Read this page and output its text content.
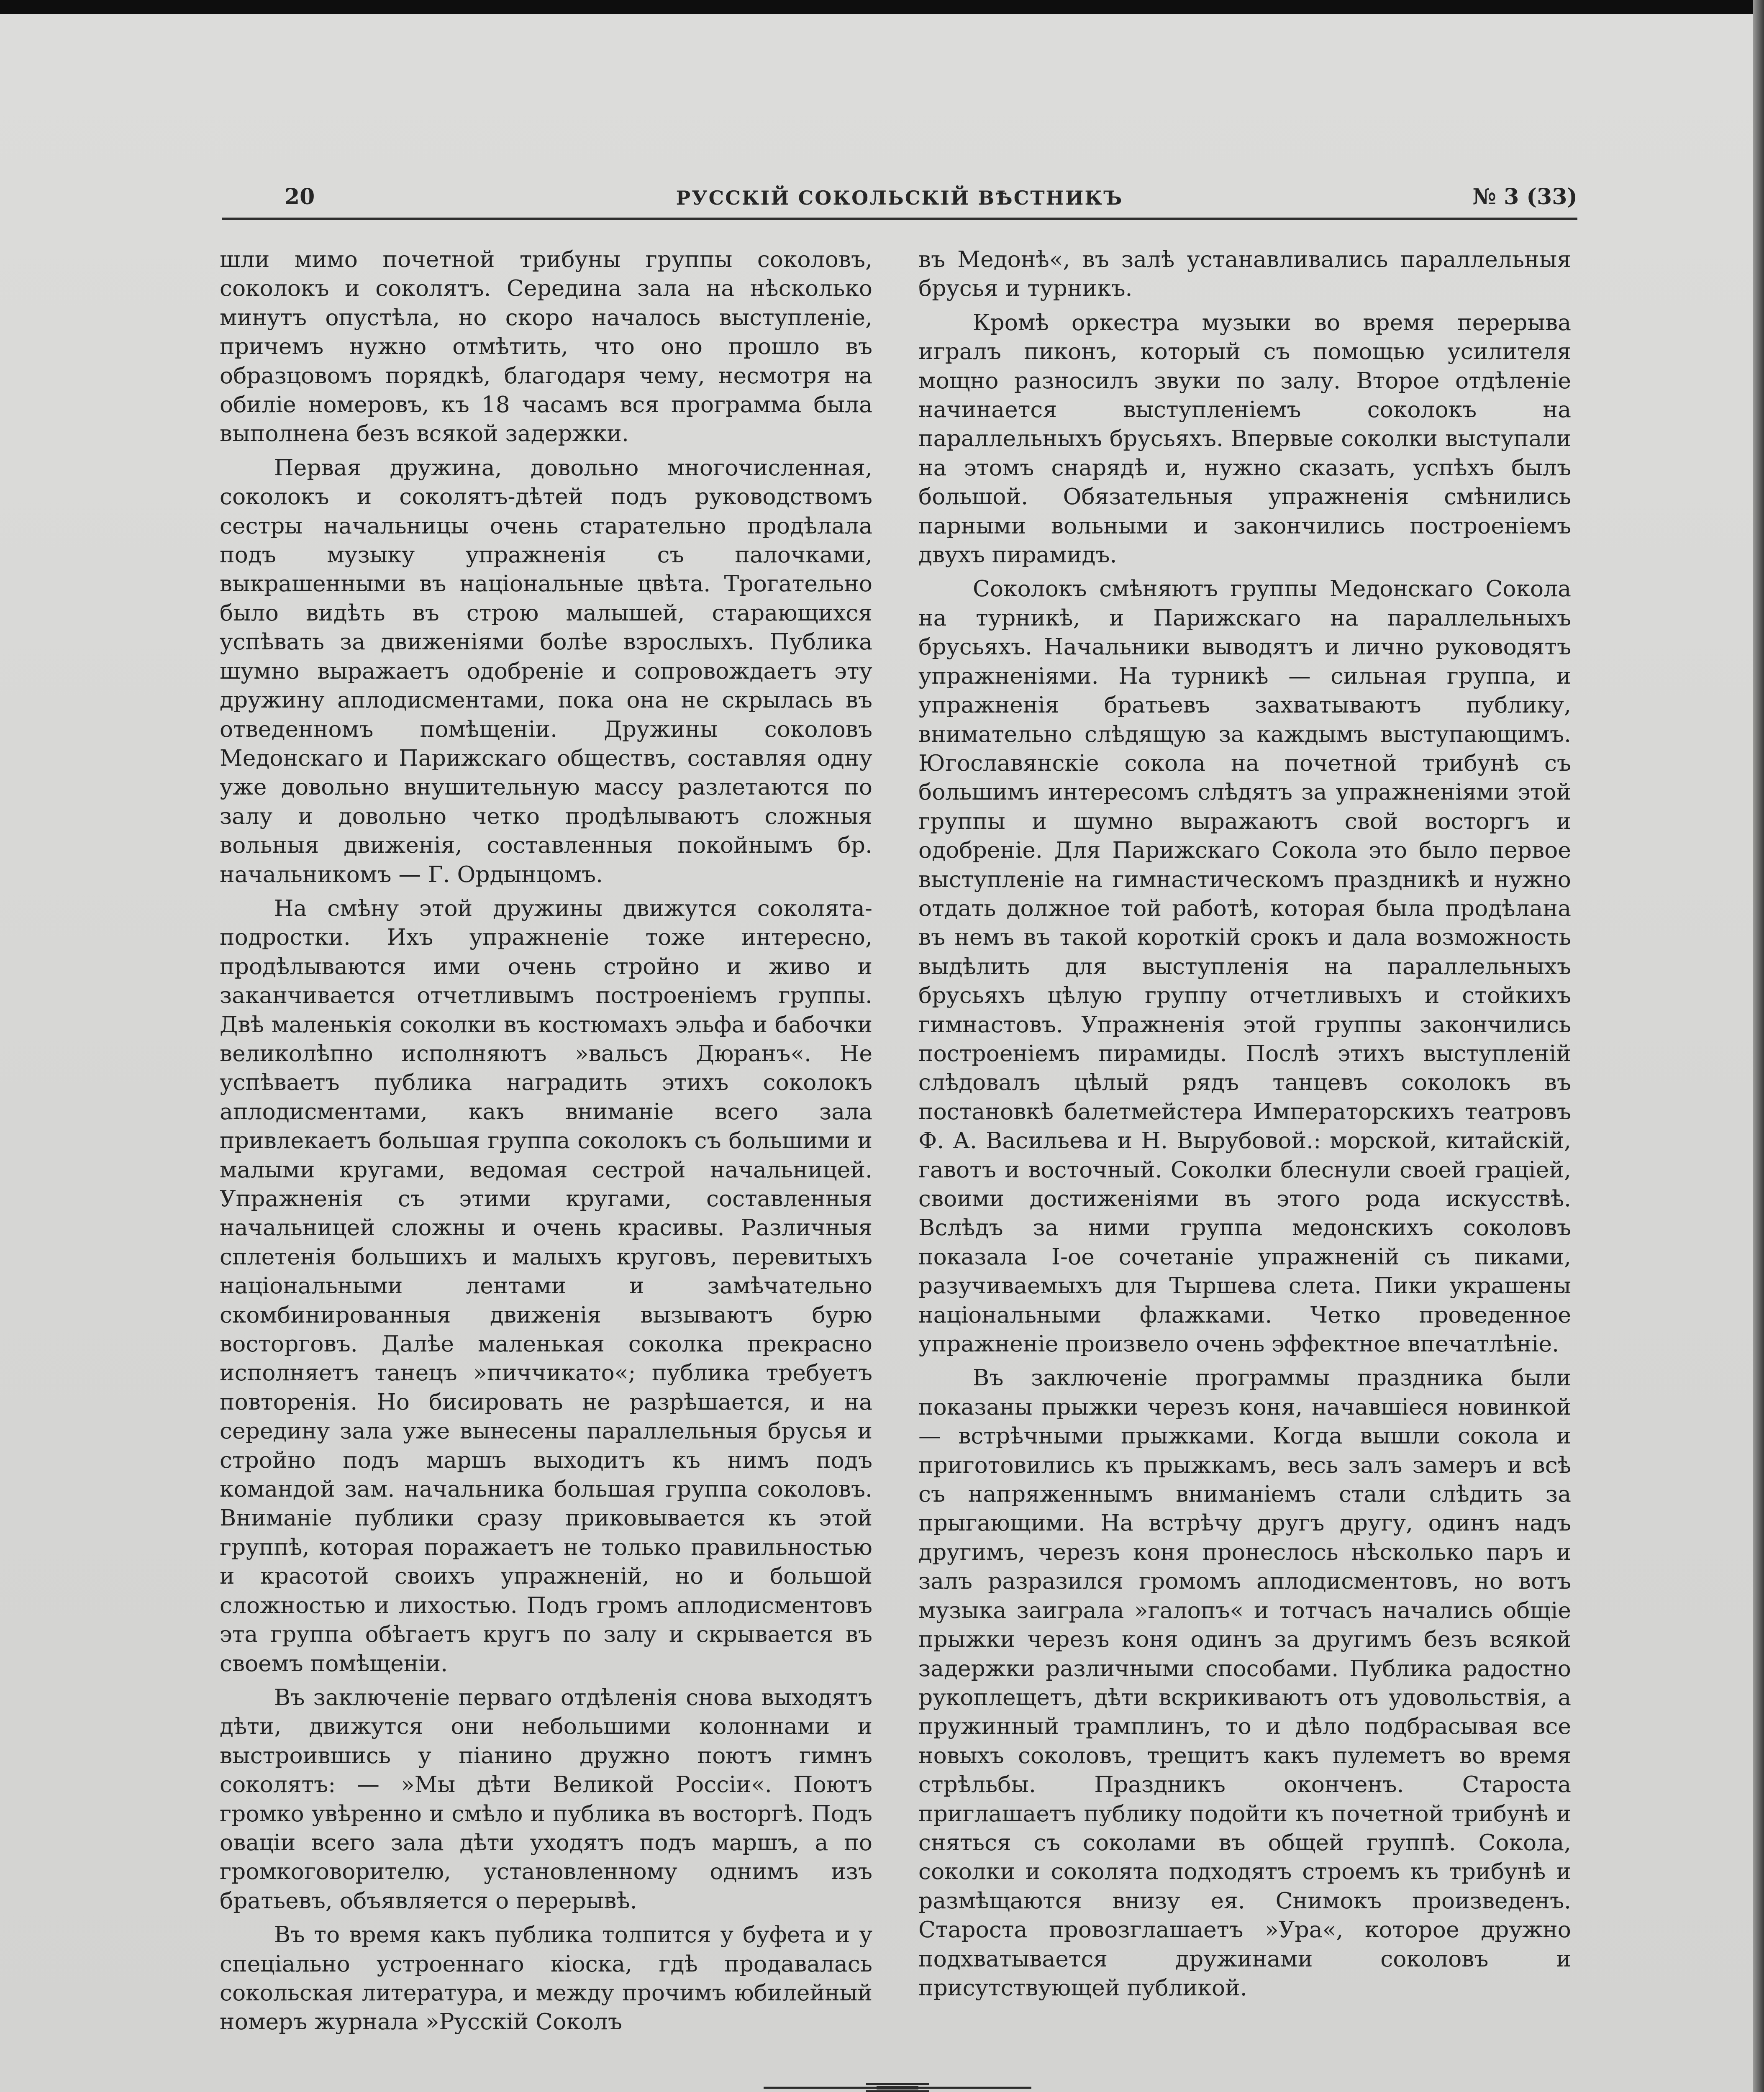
20	РУССКІЙ СОКОЛЬСКІЙ ВѢСТНИКЪ	№ 3 (33)

шли мимо почетной трибуны группы соколовъ, соколокъ и соколятъ. Середина зала на нѣсколько минутъ опустѣла, но скоро началось выступленіе, причемъ нужно отмѣтить, что оно прошло въ образцовомъ порядкѣ, благодаря чему, несмотря на обиліе номеровъ, къ 18 часамъ вся программа была выполнена безъ всякой задержки.

Первая дружина, довольно многочисленная, соколокъ и соколятъ-дѣтей подъ руководствомъ сестры начальницы очень старательно продѣлала подъ музыку упражненія съ палочками, выкрашенными въ національные цвѣта. Трогательно было видѣть въ строю малышей, старающихся успѣвать за движеніями болѣе взрослыхъ. Публика шумно выражаетъ одобреніе и сопровождаетъ эту дружину аплодисментами, пока она не скрылась въ отведенномъ помѣщеніи. Дружины соколовъ Медонскаго и Парижскаго обществъ, составляя одну уже довольно внушительную массу разлетаются по залу и довольно четко продѣлываютъ сложныя вольныя движенія, составленныя покойнымъ бр. начальникомъ — Г. Ордынцомъ.

На смѣну этой дружины движутся соколята-подростки. Ихъ упражненіе тоже интересно, продѣлываются ими очень стройно и живо и заканчивается отчетливымъ построеніемъ группы. Двѣ маленькія соколки въ костюмахъ эльфа и бабочки великолѣпно исполняютъ »вальсъ Дюранъ«. Не успѣваетъ публика наградить этихъ соколокъ аплодисментами, какъ вниманіе всего зала привлекаетъ большая группа соколокъ съ большими и малыми кругами, ведомая сестрой начальницей. Упражненія съ этими кругами, составленныя начальницей сложны и очень красивы. Различныя сплетенія большихъ и малыхъ круговъ, перевитыхъ національными лентами и замѣчательно скомбинированныя движенія вызываютъ бурю восторговъ. Далѣе маленькая соколка прекрасно исполняетъ танецъ »пиччикато«; публика требуетъ повторенія. Но бисировать не разрѣшается, и на середину зала уже вынесены параллельныя брусья и стройно подъ маршъ выходитъ къ нимъ подъ командой зам. начальника большая группа соколовъ. Вниманіе публики сразу приковывается къ этой группѣ, которая поражаетъ не только правильностью и красотой своихъ упражненій, но и большой сложностью и лихостью. Подъ громъ аплодисментовъ эта группа обѣгаетъ кругъ по залу и скрывается въ своемъ помѣщеніи.

Въ заключеніе перваго отдѣленія снова выходятъ дѣти, движутся они небольшими колоннами и выстроившись у піанино дружно поютъ гимнъ соколятъ: — »Мы дѣти Великой Россіи«. Поютъ громко увѣренно и смѣло и публика въ восторгѣ. Подъ оваціи всего зала дѣти уходятъ подъ маршъ, а по громкоговорителю, установленному однимъ изъ братьевъ, объявляется о перерывѣ.

Въ то время какъ публика толпится у буфета и у спеціально устроеннаго кіоска, гдѣ продавалась сокольская литература, и между прочимъ юбилейный номеръ журнала »Русскій Соколъ

въ Медонѣ«, въ залѣ устанавливались параллельныя брусья и турникъ.

Кромѣ оркестра музыки во время перерыва игралъ пиконъ, который съ помощью усилителя мощно разносилъ звуки по залу. Второе отдѣленіе начинается выступленіемъ соколокъ на параллельныхъ брусьяхъ. Впервые соколки выступали на этомъ снарядѣ и, нужно сказать, успѣхъ былъ большой. Обязательныя упражненія смѣнились парными вольными и закончились построеніемъ двухъ пирамидъ.

Соколокъ смѣняютъ группы Медонскаго Сокола на турникѣ, и Парижскаго на параллельныхъ брусьяхъ. Начальники выводятъ и лично руководятъ упражненіями. На турникѣ — сильная группа, и упражненія братьевъ захватываютъ публику, внимательно слѣдящую за каждымъ выступающимъ. Югославянскіе сокола на почетной трибунѣ съ большимъ интересомъ слѣдятъ за упражненіями этой группы и шумно выражаютъ свой восторгъ и одобреніе. Для Парижскаго Сокола это было первое выступленіе на гимнастическомъ праздникѣ и нужно отдать должное той работѣ, которая была продѣлана въ немъ въ такой короткій срокъ и дала возможность выдѣлить для выступленія на параллельныхъ брусьяхъ цѣлую группу отчетливыхъ и стойкихъ гимнастовъ. Упражненія этой группы закончились построеніемъ пирамиды. Послѣ этихъ выступленій слѣдовалъ цѣлый рядъ танцевъ соколокъ въ постановкѣ балетмейстера Императорскихъ театровъ Ф. А. Васильева и Н. Вырубовой.: морской, китайскій, гавотъ и восточный. Соколки блеснули своей граціей, своими достиженіями въ этого рода искусствѣ. Вслѣдъ за ними группа медонскихъ соколовъ показала І-ое сочетаніе упражненій съ пиками, разучиваемыхъ для Тыршева слета. Пики украшены національными флажками. Четко проведенное упражненіе произвело очень эффектное впечатлѣніе.

Въ заключеніе программы праздника были показаны прыжки черезъ коня, начавшіеся новинкой — встрѣчными прыжками. Когда вышли сокола и приготовились къ прыжкамъ, весь залъ замеръ и всѣ съ напряженнымъ вниманіемъ стали слѣдить за прыгающими. На встрѣчу другъ другу, одинъ надъ другимъ, черезъ коня пронеслось нѣсколько паръ и залъ разразился громомъ аплодисментовъ, но вотъ музыка заиграла »галопъ« и тотчасъ начались общіе прыжки черезъ коня одинъ за другимъ безъ всякой задержки различными способами. Публика радостно рукоплещетъ, дѣти вскрикиваютъ отъ удовольствія, а пружинный трамплинъ, то и дѣло подбрасывая все новыхъ соколовъ, трещитъ какъ пулеметъ во время стрѣльбы. Праздникъ оконченъ. Староста приглашаетъ публику подойти къ почетной трибунѣ и сняться съ соколами въ общей группѣ. Сокола, соколки и соколята подходятъ строемъ къ трибунѣ и размѣщаются внизу ея. Снимокъ произведенъ. Староста провозглашаетъ »Ура«, которое дружно подхватывается дружинами соколовъ и присутствующей публикой.
